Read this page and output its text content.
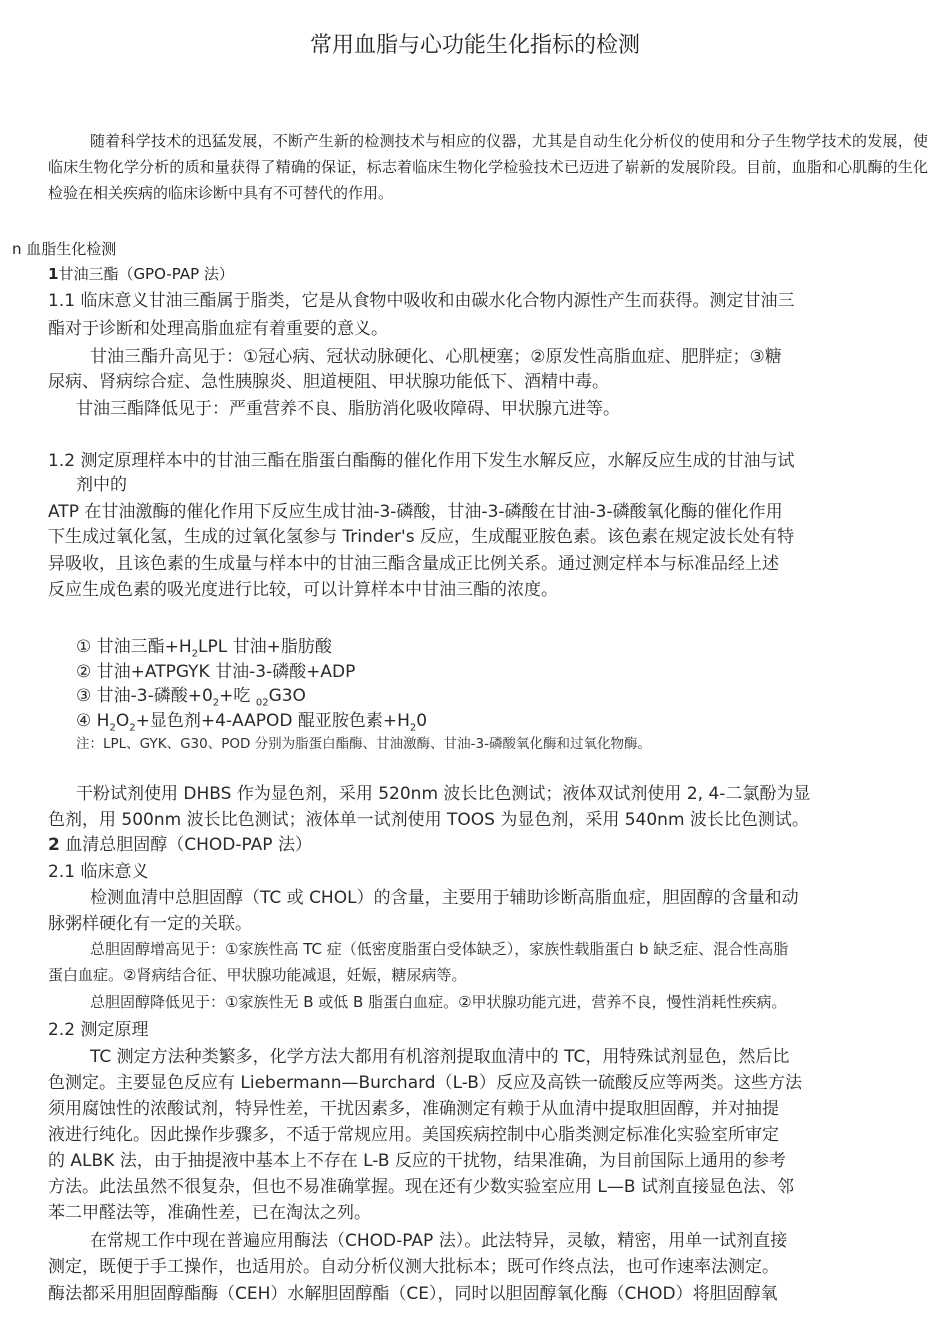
常用血脂与心功能生化指标的检测

随着科学技术的迅猛发展，不断产生新的检测技术与相应的仪器，尤其是自动生化分析仪的使用和分子生物学技术的发展，使临床生物化学分析的质和量获得了精确的保证，标志着临床生物化学检验技术已迈进了崭新的发展阶段。目前，血脂和心肌酶的生化检验在相关疾病的临床诊断中具有不可替代的作用。

n 血脂生化检测
1甘油三酯（GPO-PAP 法）
1.1 临床意义甘油三酯属于脂类，它是从食物中吸收和由碳水化合物内源性产生而获得。测定甘油三
酯对于诊断和处理高脂血症有着重要的意义。
甘油三酯升高见于：①冠心病、冠状动脉硬化、心肌梗塞；②原发性高脂血症、肥胖症；③糖
尿病、肾病综合症、急性胰腺炎、胆道梗阻、甲状腺功能低下、酒精中毒。
甘油三酯降低见于：严重营养不良、脂肪消化吸收障碍、甲状腺亢进等。
1.2 测定原理样本中的甘油三酯在脂蛋白酯酶的催化作用下发生水解反应，水解反应生成的甘油与试
剂中的
ATP 在甘油激酶的催化作用下反应生成甘油-3-磷酸，甘油-3-磷酸在甘油-3-磷酸氧化酶的催化作用
下生成过氧化氢，生成的过氧化氢参与 Trinder's 反应，生成醌亚胺色素。该色素在规定波长处有特
异吸收，且该色素的生成量与样本中的甘油三酯含量成正比例关系。通过测定样本与标准品经上述
反应生成色素的吸光度进行比较，可以计算样本中甘油三酯的浓度。
① 甘油三酯$+H_2LPL$ 甘油+脂肪酸
② 甘油+ATPGYK 甘油-3-磷酸+ADP
③ 甘油-3-磷酸$+0_2+$吃 $_{02}$G3O
④ $H_2O_2+$显色剂+4-AAPOD 醌亚胺色素$+H_20$
注：LPL、GYK、G30、POD 分别为脂蛋白酯酶、甘油激酶、甘油-3-磷酸氧化酶和过氧化物酶。
干粉试剂使用 DHBS 作为显色剂，采用 520nm 波长比色测试；液体双试剂使用 2, 4-二氯酚为显
色剂，用 500nm 波长比色测试；液体单一试剂使用 TOOS 为显色剂，采用 540nm 波长比色测试。
2 血清总胆固醇（CHOD-PAP 法）
2.1 临床意义
检测血清中总胆固醇（TC 或 CHOL）的含量，主要用于辅助诊断高脂血症，胆固醇的含量和动
脉粥样硬化有一定的关联。
总胆固醇增高见于：①家族性高 TC 症（低密度脂蛋白受体缺乏），家族性载脂蛋白 b 缺乏症、混合性高脂
蛋白血症。②肾病结合征、甲状腺功能减退，妊娠，糖尿病等。
总胆固醇降低见于：①家族性无 B 或低 B 脂蛋白血症。②甲状腺功能亢进，营养不良，慢性消耗性疾病。
2.2 测定原理
TC 测定方法种类繁多，化学方法大都用有机溶剂提取血清中的 TC，用特殊试剂显色，然后比
色测定。主要显色反应有 Liebermann—Burchard（L-B）反应及高铁一硫酸反应等两类。这些方法
须用腐蚀性的浓酸试剂，特异性差，干扰因素多，准确测定有赖于从血清中提取胆固醇，并对抽提
液进行纯化。因此操作步骤多，不适于常规应用。美国疾病控制中心脂类测定标准化实验室所审定
的 ALBK 法，由于抽提液中基本上不存在 L-B 反应的干扰物，结果准确，为目前国际上通用的参考
方法。此法虽然不很复杂，但也不易准确掌握。现在还有少数实验室应用 L—B 试剂直接显色法、邻
苯二甲醛法等，准确性差，已在淘汰之列。
在常规工作中现在普遍应用酶法（CHOD-PAP 法）。此法特异，灵敏，精密，用单一试剂直接
测定，既便于手工操作，也适用於。自动分析仪测大批标本；既可作终点法，也可作速率法测定。
酶法都采用胆固醇酯酶（CEH）水解胆固醇酯（CE），同时以胆固醇氧化酶（CHOD）将胆固醇氧
